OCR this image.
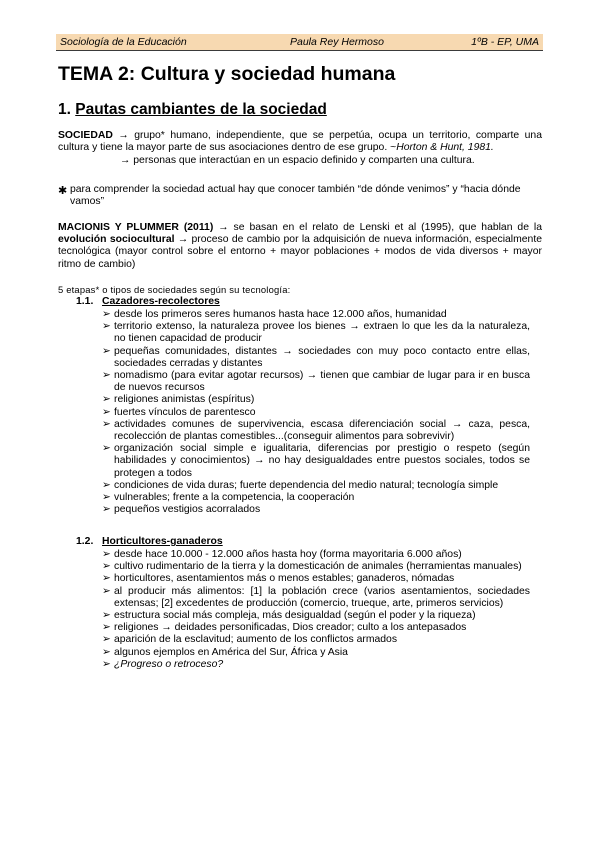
Sociología de la Educación	Paula Rey Hermoso	1ºB - EP, UMA
TEMA 2: Cultura y sociedad humana
1. Pautas cambiantes de la sociedad
SOCIEDAD → grupo* humano, independiente, que se perpetúa, ocupa un territorio, comparte una cultura y tiene la mayor parte de sus asociaciones dentro de ese grupo. ~Horton & Hunt, 1981.
→ personas que interactúan en un espacio definido y comparten una cultura.
✱ para comprender la sociedad actual hay que conocer también “de dónde venimos” y “hacia dónde vamos”
MACIONIS Y PLUMMER (2011) → se basan en el relato de Lenski et al (1995), que hablan de la evolución sociocultural → proceso de cambio por la adquisición de nueva información, especialmente tecnológica (mayor control sobre el entorno + mayor poblaciones + modos de vida diversos + mayor ritmo de cambio)
5 etapas* o tipos de sociedades según su tecnología:
1.1. Cazadores-recolectores
➢ desde los primeros seres humanos hasta hace 12.000 años, humanidad
➢ territorio extenso, la naturaleza provee los bienes → extraen lo que les da la naturaleza, no tienen capacidad de producir
➢ pequeñas comunidades, distantes → sociedades con muy poco contacto entre ellas, sociedades cerradas y distantes
➢ nomadismo (para evitar agotar recursos) → tienen que cambiar de lugar para ir en busca de nuevos recursos
➢ religiones animistas (espíritus)
➢ fuertes vínculos de parentesco
➢ actividades comunes de supervivencia, escasa diferenciación social → caza, pesca, recolección de plantas comestibles...(conseguir alimentos para sobrevivir)
➢ organización social simple e igualitaria, diferencias por prestigio o respeto (según habilidades y conocimientos) → no hay desigualdades entre puestos sociales, todos se protegen a todos
➢ condiciones de vida duras; fuerte dependencia del medio natural; tecnología simple
➢ vulnerables; frente a la competencia, la cooperación
➢ pequeños vestigios acorralados
1.2. Horticultores-ganaderos
➢ desde hace 10.000 - 12.000 años hasta hoy (forma mayoritaria 6.000 años)
➢ cultivo rudimentario de la tierra y la domesticación de animales (herramientas manuales)
➢ horticultores, asentamientos más o menos estables; ganaderos, nómadas
➢ al producir más alimentos: [1] la población crece (varios asentamientos, sociedades extensas; [2] excedentes de producción (comercio, trueque, arte, primeros servicios)
➢ estructura social más compleja, más desigualdad (según el poder y la riqueza)
➢ religiones → deidades personificadas, Dios creador; culto a los antepasados
➢ aparición de la esclavitud; aumento de los conflictos armados
➢ algunos ejemplos en América del Sur, África y Asia
➢ ¿Progreso o retroceso?
